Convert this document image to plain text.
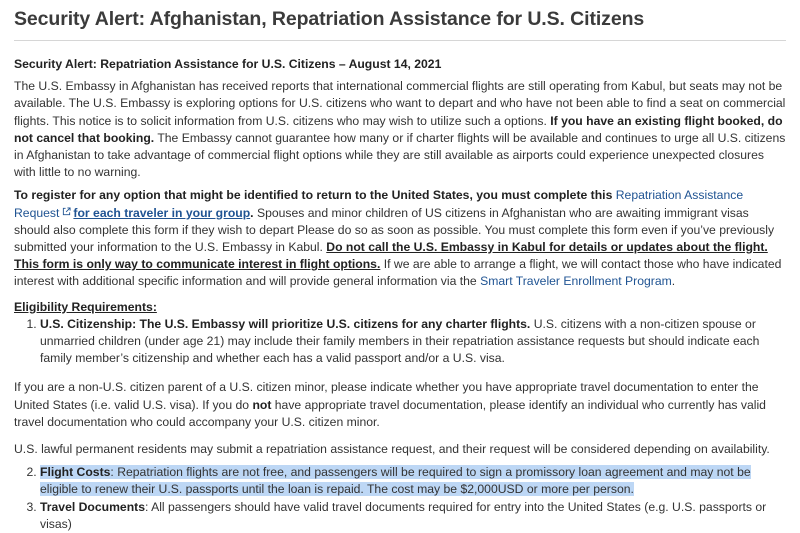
Security Alert: Afghanistan, Repatriation Assistance for U.S. Citizens

Security Alert: Repatriation Assistance for U.S. Citizens – August 14, 2021

The U.S. Embassy in Afghanistan has received reports that international commercial flights are still operating from Kabul, but seats may not be available. The U.S. Embassy is exploring options for U.S. citizens who want to depart and who have not been able to find a seat on commercial flights. This notice is to solicit information from U.S. citizens who may wish to utilize such a options. If you have an existing flight booked, do not cancel that booking. The Embassy cannot guarantee how many or if charter flights will be available and continues to urge all U.S. citizens in Afghanistan to take advantage of commercial flight options while they are still available as airports could experience unexpected closures with little to no warning.

To register for any option that might be identified to return to the United States, you must complete this Repatriation Assistance Request for each traveler in your group. Spouses and minor children of US citizens in Afghanistan who are awaiting immigrant visas should also complete this form if they wish to depart Please do so as soon as possible. You must complete this form even if you’ve previously submitted your information to the U.S. Embassy in Kabul. Do not call the U.S. Embassy in Kabul for details or updates about the flight. This form is only way to communicate interest in flight options. If we are able to arrange a flight, we will contact those who have indicated interest with additional specific information and will provide general information via the Smart Traveler Enrollment Program.

Eligibility Requirements:

1. U.S. Citizenship: The U.S. Embassy will prioritize U.S. citizens for any charter flights. U.S. citizens with a non-citizen spouse or unmarried children (under age 21) may include their family members in their repatriation assistance requests but should indicate each family member’s citizenship and whether each has a valid passport and/or a U.S. visa.

If you are a non-U.S. citizen parent of a U.S. citizen minor, please indicate whether you have appropriate travel documentation to enter the United States (i.e. valid U.S. visa). If you do not have appropriate travel documentation, please identify an individual who currently has valid travel documentation who could accompany your U.S. citizen minor.

U.S. lawful permanent residents may submit a repatriation assistance request, and their request will be considered depending on availability.

2. Flight Costs: Repatriation flights are not free, and passengers will be required to sign a promissory loan agreement and may not be eligible to renew their U.S. passports until the loan is repaid. The cost may be $2,000USD or more per person.
3. Travel Documents: All passengers should have valid travel documents required for entry into the United States (e.g. U.S. passports or visas)
